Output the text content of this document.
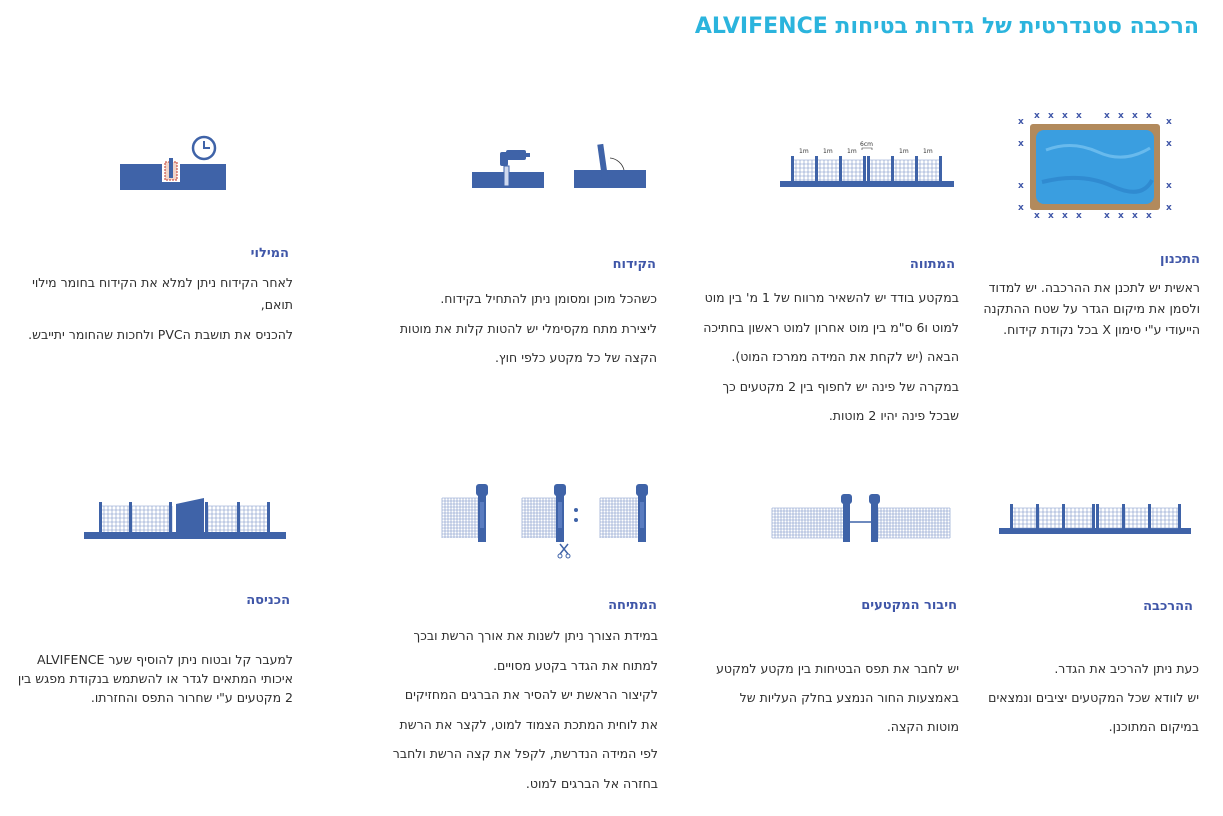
הרכבה סטנדרטית של גדרות בטיחות ALVIFENCE
x
x
x
x
x
x
x
x
x
x
x
x
x
x
x
x
x	x
x	x
x	x
x	x
1m 1m 1m	1m 1m
6cm
התכנון
המתווה
הקידוח
המילוי
ההרכבה
חיבור המקטעים
המתיחה
הכניסה

ראשית יש לתכנן את ההרכבה. יש למדוד

ולסמן את מיקום הגדר על שטח ההתקנה

הייעודי ע"י סימון X בכל נקודת קידוח.

במקטע בודד יש להשאיר מרווח של 1 מ' בין מוט

למוט ו6 ס"מ בין מוט אחרון למוט ראשון בחתיכה

הבאה (יש לקחת את המידה ממרכז המוט).

במקרה של פינה יש לחפוף בין 2 מקטעים כך

שבכל פינה יהיו 2 מוטות.

כשהכל מוכן ומסומן ניתן להתחיל בקידוח.

ליצירת מתח מקסימלי יש להטות קלות את מוטות

הקצה של כל מקטע כלפי חוץ.

לאחר הקידוח ניתן למלא את הקידוח בחומר מילוי

תואם,

להכניס את תושבת הPVC ולחכות שהחומר יתייבש.

כעת ניתן להרכיב את הגדר.

יש לוודא שכל המקטעים יציבים ונמצאים

במיקום המתוכנן.

יש לחבר את תפס הבטיחות בין מקטע למקטע

באמצעות החור הנמצע בחלק העליות של

מוטות הקצה.

במידת הצורך ניתן לשנות את אורך הרשת ובכך

למתוח את הגדר בקטע מסויים.

לקיצור הראשת יש להסיר את הברגים המחזיקים

את לוחית המתכת הצמוד למוט, לקצר את הרשת

לפי המידה הנדרשת, לקפל את קצה הרשת ולחבר

בחזרה אל הברגים למוט.

למעבר קל ובטוח ניתן להוסיף שער ALVIFENCE

איכותי המתאים לגדר או להשתמש בנקודת מפגש בין

2 מקטעים ע"י שחרור התפס והחזרתו.
